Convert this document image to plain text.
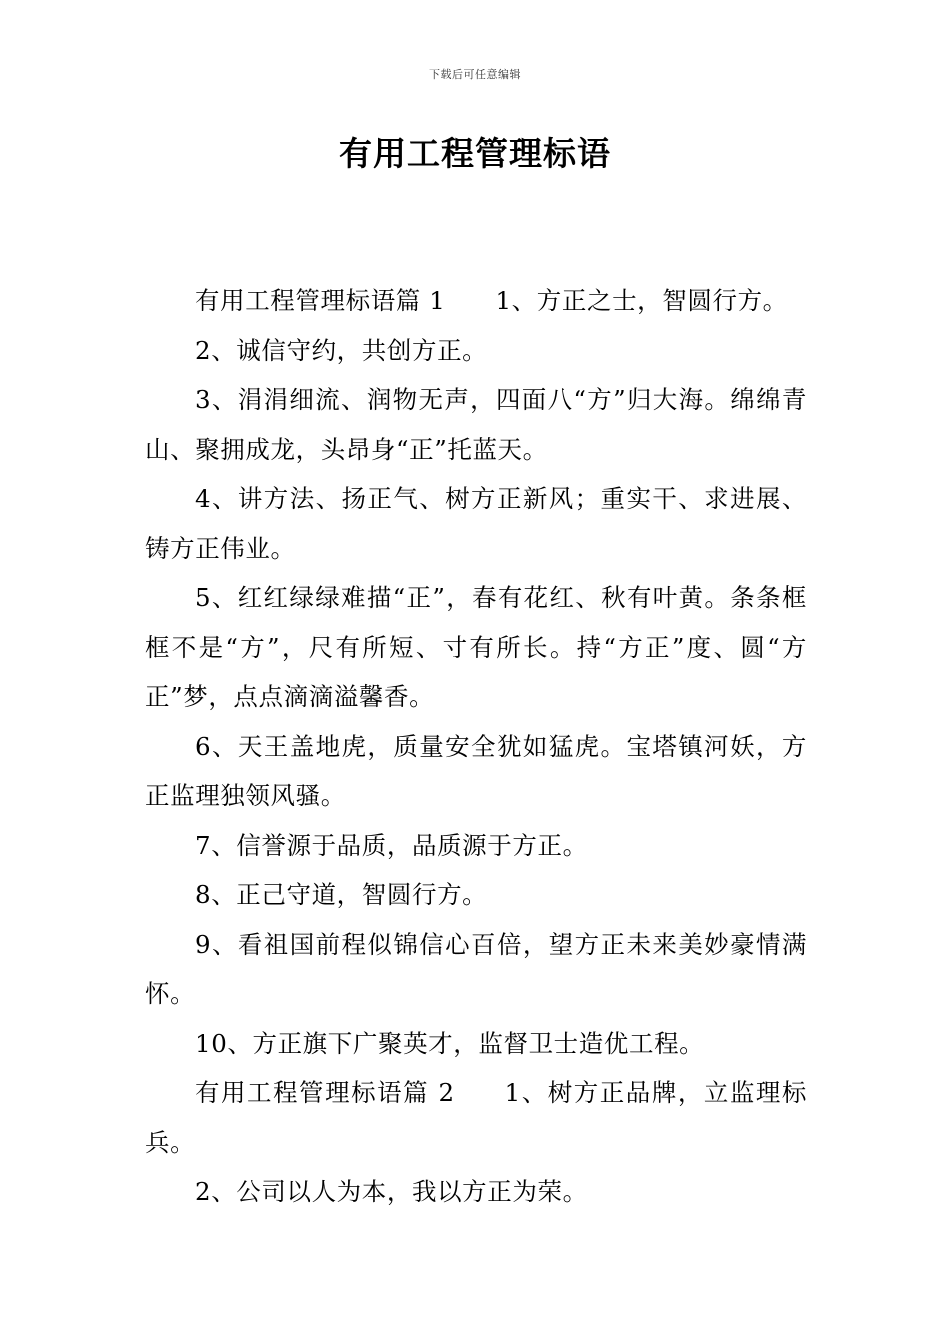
下载后可任意编辑
有用工程管理标语

有用工程管理标语篇 1 1、方正之士，智圆行方。

2、诚信守约，共创方正。

3、涓涓细流、润物无声，四面八“方”归大海。绵绵青山、聚拥成龙，头昂身“正”托蓝天。

4、讲方法、扬正气、树方正新风；重实干、求进展、铸方正伟业。

5、红红绿绿难描“正”，春有花红、秋有叶黄。条条框框不是“方”，尺有所短、寸有所长。持“方正”度、圆“方正”梦，点点滴滴溢馨香。

6、天王盖地虎，质量安全犹如猛虎。宝塔镇河妖，方正监理独领风骚。

7、信誉源于品质，品质源于方正。

8、正己守道，智圆行方。

9、看祖国前程似锦信心百倍，望方正未来美妙豪情满怀。

10、方正旗下广聚英才，监督卫士造优工程。

有用工程管理标语篇 2 1、树方正品牌，立监理标兵。

2、公司以人为本，我以方正为荣。
